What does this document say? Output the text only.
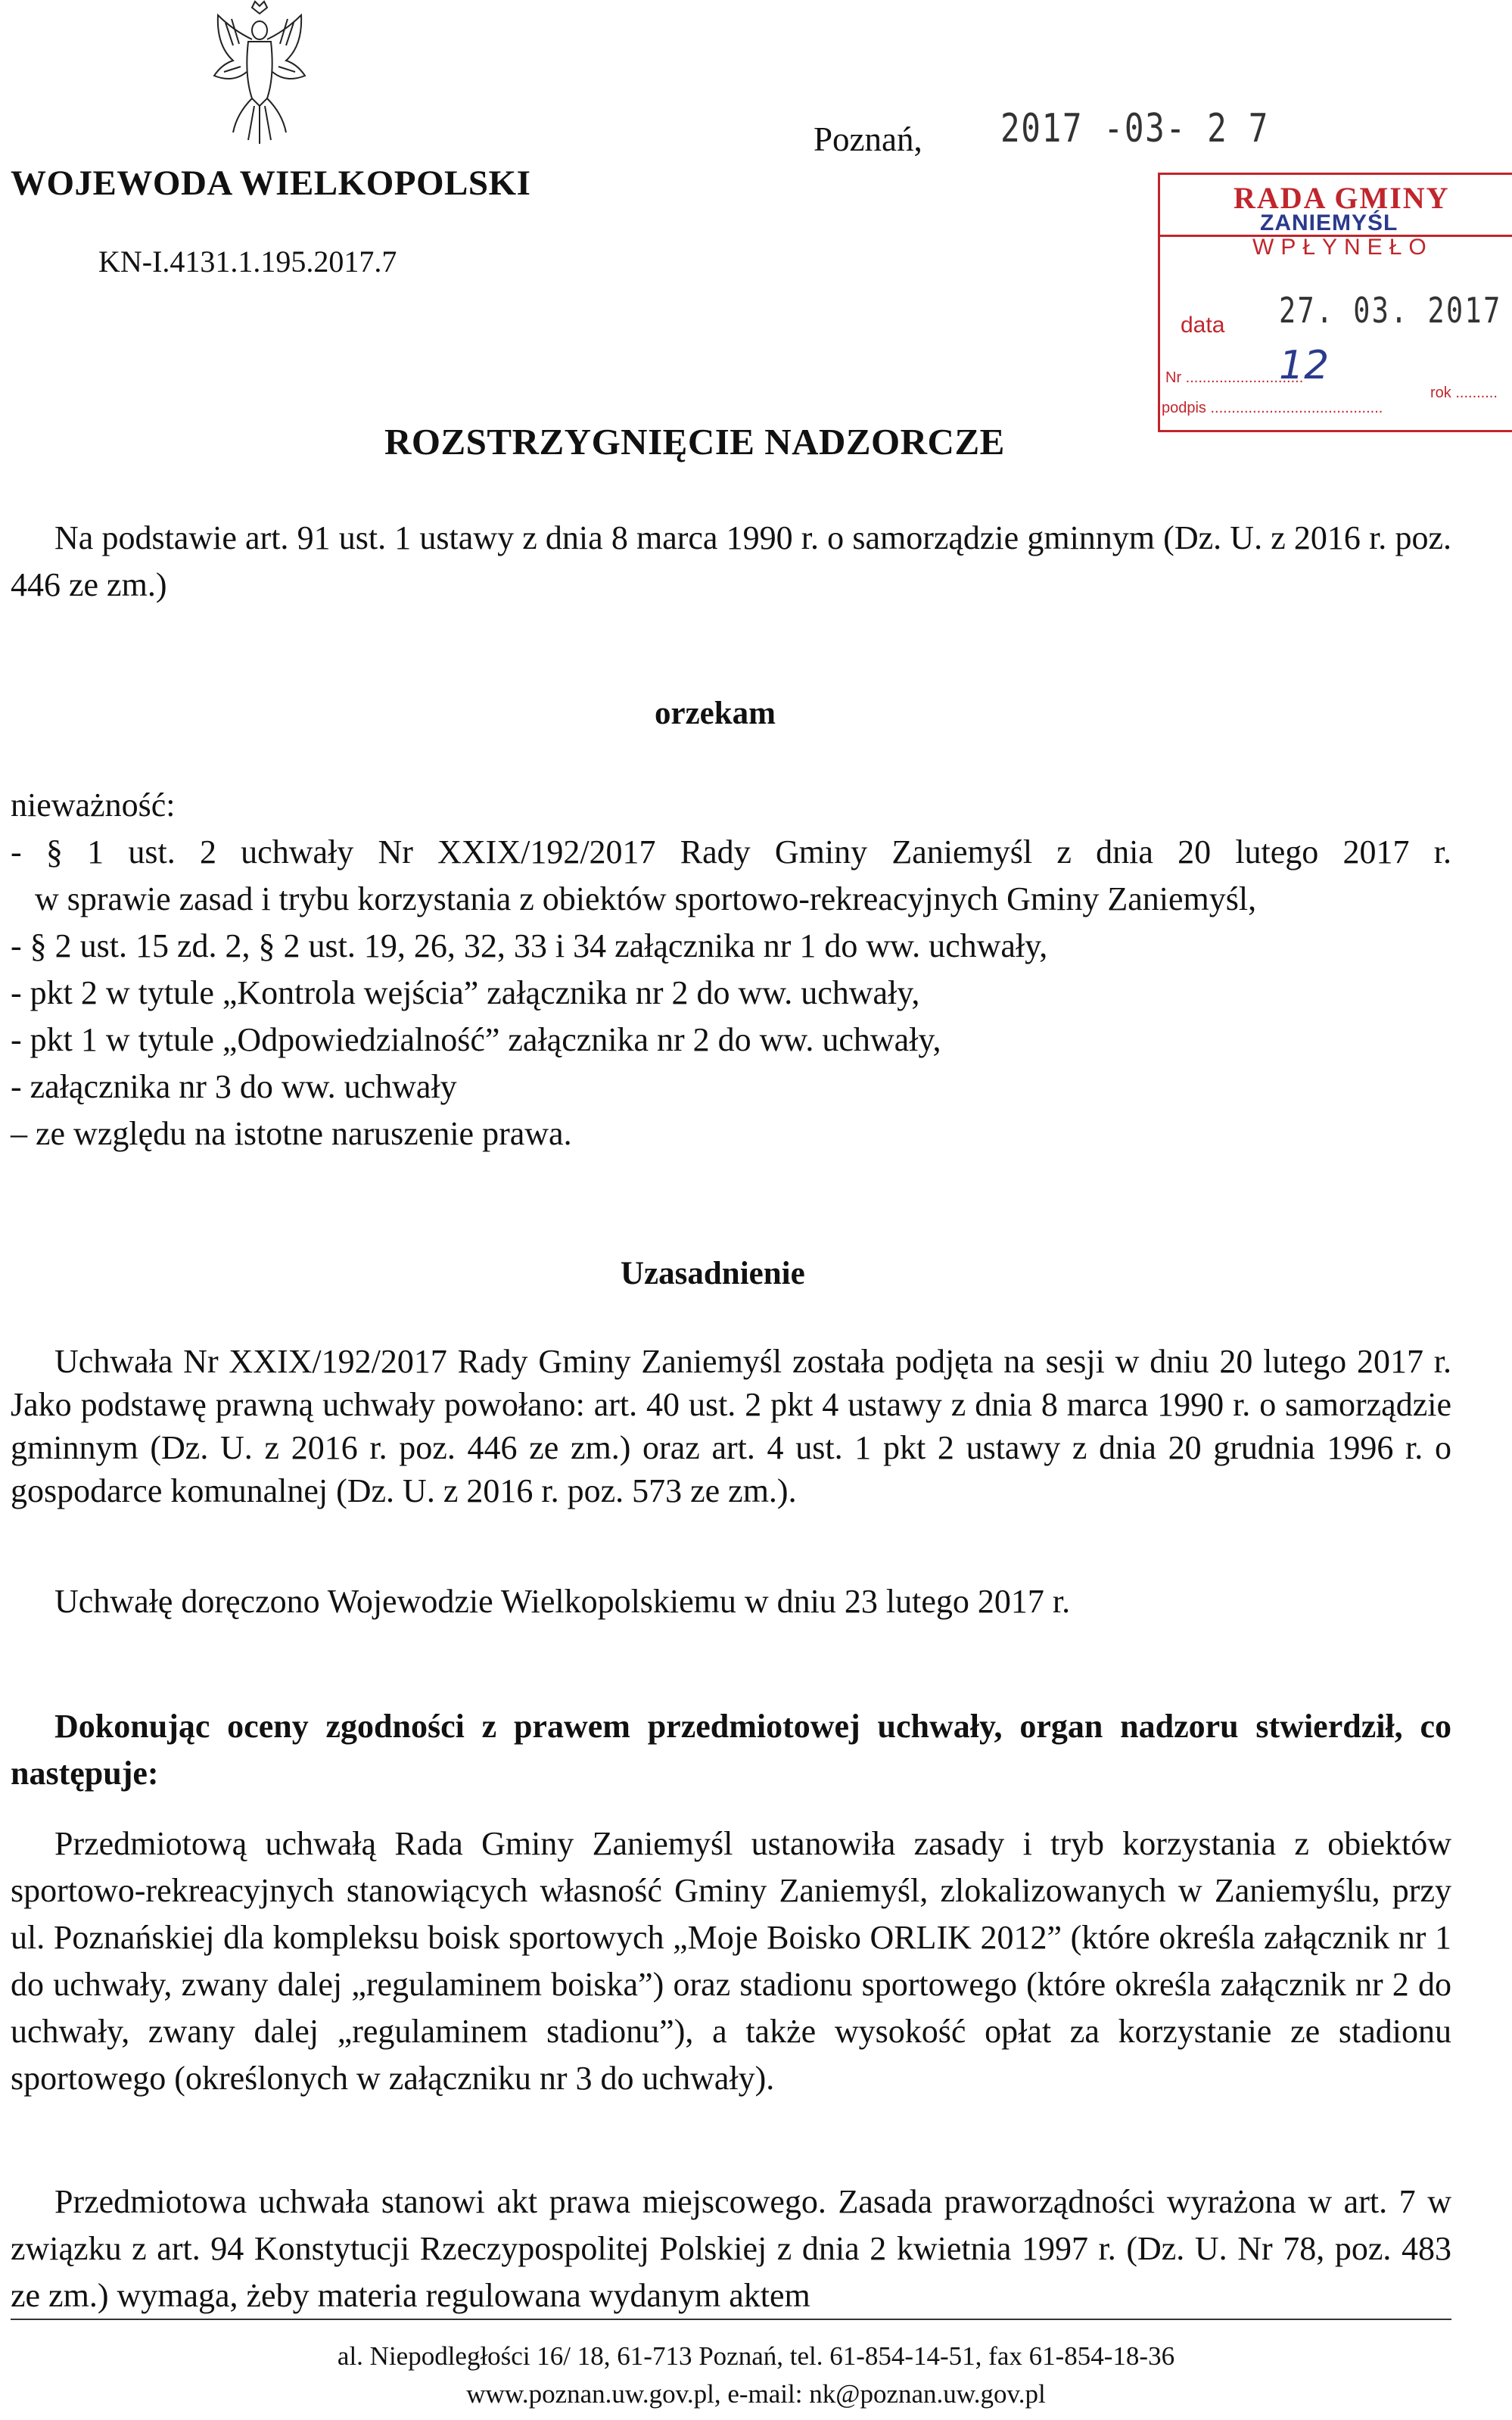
WOJEWODA WIELKOPOLSKI
KN-I.4131.1.195.2017.7
Poznań, 2017 -03- 2 7
RADA GMINY
ZANIEMYŚL
WPŁYNEŁO
data 27. 03. 2017
Nr ............................
12
rok ..........
podpis .........................................
ROZSTRZYGNIĘCIE NADZORCZE
Na podstawie art. 91 ust. 1 ustawy z dnia 8 marca 1990 r. o samorządzie gminnym (Dz. U. z 2016 r. poz. 446 ze zm.)
orzekam
nieważność:
- § 1 ust. 2 uchwały Nr XXIX/192/2017 Rady Gminy Zaniemyśl z dnia 20 lutego 2017 r.
w sprawie zasad i trybu korzystania z obiektów sportowo-rekreacyjnych Gminy Zaniemyśl,
- § 2 ust. 15 zd. 2, § 2 ust. 19, 26, 32, 33 i 34 załącznika nr 1 do ww. uchwały,
- pkt 2 w tytule „Kontrola wejścia” załącznika nr 2 do ww. uchwały,
- pkt 1 w tytule „Odpowiedzialność” załącznika nr 2 do ww. uchwały,
- załącznika nr 3 do ww. uchwały
– ze względu na istotne naruszenie prawa.
Uzasadnienie
Uchwała Nr XXIX/192/2017 Rady Gminy Zaniemyśl została podjęta na sesji w dniu 20 lutego 2017 r. Jako podstawę prawną uchwały powołano: art. 40 ust. 2 pkt 4 ustawy z dnia 8 marca 1990 r. o samorządzie gminnym (Dz. U. z 2016 r. poz. 446 ze zm.) oraz art. 4 ust. 1 pkt 2 ustawy z dnia 20 grudnia 1996 r. o gospodarce komunalnej (Dz. U. z 2016 r. poz. 573 ze zm.).
Uchwałę doręczono Wojewodzie Wielkopolskiemu w dniu 23 lutego 2017 r.
Dokonując oceny zgodności z prawem przedmiotowej uchwały, organ nadzoru stwierdził, co następuje:
Przedmiotową uchwałą Rada Gminy Zaniemyśl ustanowiła zasady i tryb korzystania z obiektów sportowo-rekreacyjnych stanowiących własność Gminy Zaniemyśl, zlokalizowanych w Zaniemyślu, przy ul. Poznańskiej dla kompleksu boisk sportowych „Moje Boisko ORLIK 2012” (które określa załącznik nr 1 do uchwały, zwany dalej „regulaminem boiska”) oraz stadionu sportowego (które określa załącznik nr 2 do uchwały, zwany dalej „regulaminem stadionu”), a także wysokość opłat za korzystanie ze stadionu sportowego (określonych w załączniku nr 3 do uchwały).
Przedmiotowa uchwała stanowi akt prawa miejscowego. Zasada praworządności wyrażona w art. 7 w związku z art. 94 Konstytucji Rzeczypospolitej Polskiej z dnia 2 kwietnia 1997 r. (Dz. U. Nr 78, poz. 483 ze zm.) wymaga, żeby materia regulowana wydanym aktem
al. Niepodległości 16/ 18, 61-713 Poznań, tel. 61-854-14-51, fax 61-854-18-36
www.poznan.uw.gov.pl, e-mail: nk@poznan.uw.gov.pl
